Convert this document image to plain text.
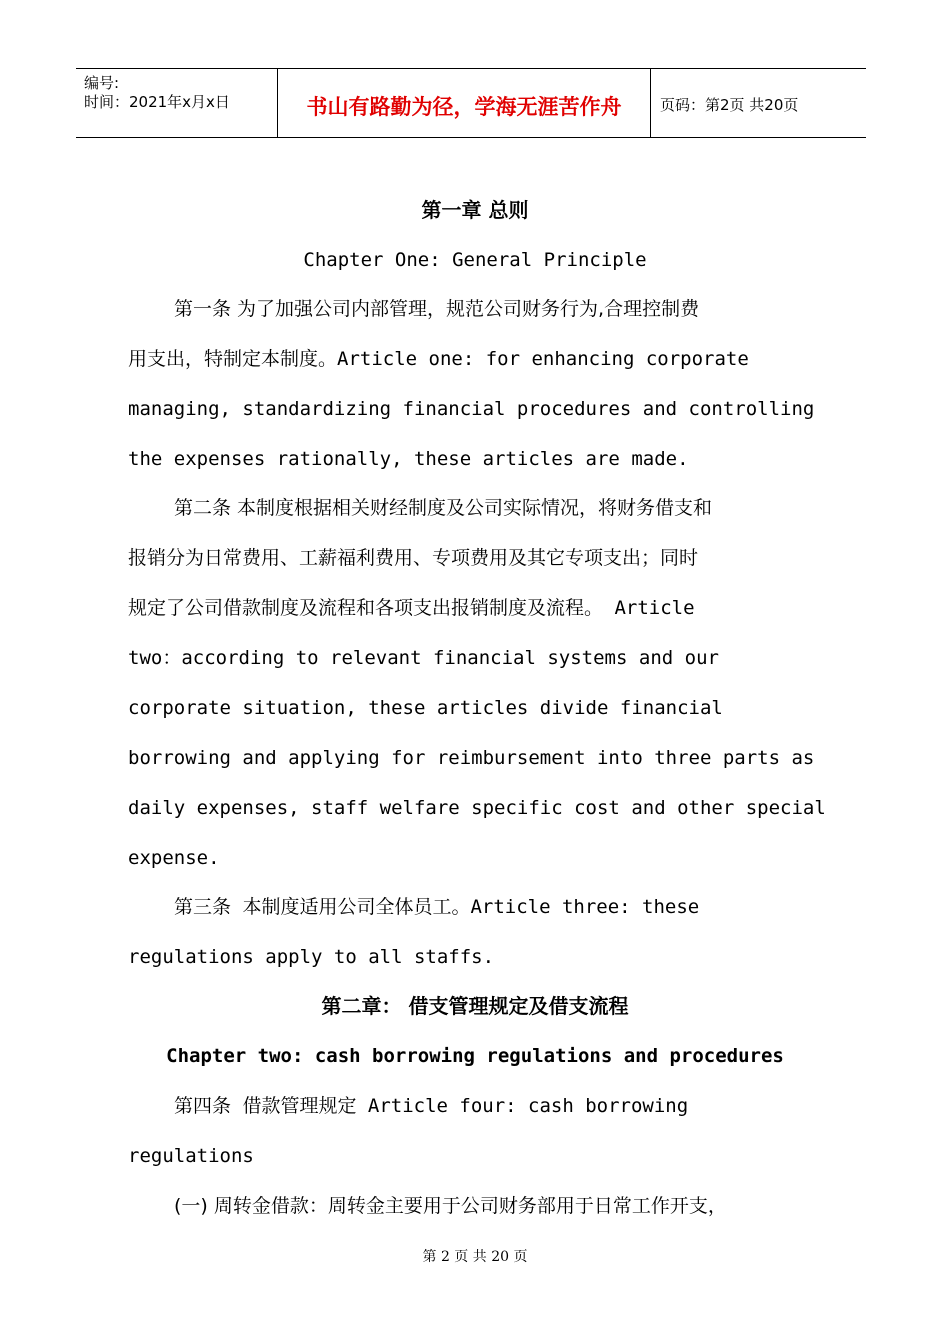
编号:
时间：2021年x月x日	书山有路勤为径，学海无涯苦作舟	页码：第2页 共20页
第一章 总则
Chapter One: General Principle
第一条 为了加强公司内部管理，规范公司财务行为,合理控制费
用支出，特制定本制度。Article one: for enhancing corporate
managing, standardizing financial procedures and controlling
the expenses rationally, these articles are made.
第二条 本制度根据相关财经制度及公司实际情况，将财务借支和
报销分为日常费用、工薪福利费用、专项费用及其它专项支出；同时
规定了公司借款制度及流程和各项支出报销制度及流程。 Article
two：according to relevant financial systems and our
corporate situation, these articles divide financial
borrowing and applying for reimbursement into three parts as
daily expenses, staff welfare specific cost and other special
expense.
第三条 本制度适用公司全体员工。Article three: these
regulations apply to all staffs.
第二章： 借支管理规定及借支流程
Chapter two: cash borrowing regulations and procedures
第四条 借款管理规定 Article four: cash borrowing
regulations
(一) 周转金借款：周转金主要用于公司财务部用于日常工作开支，
第 2 页 共 20 页
